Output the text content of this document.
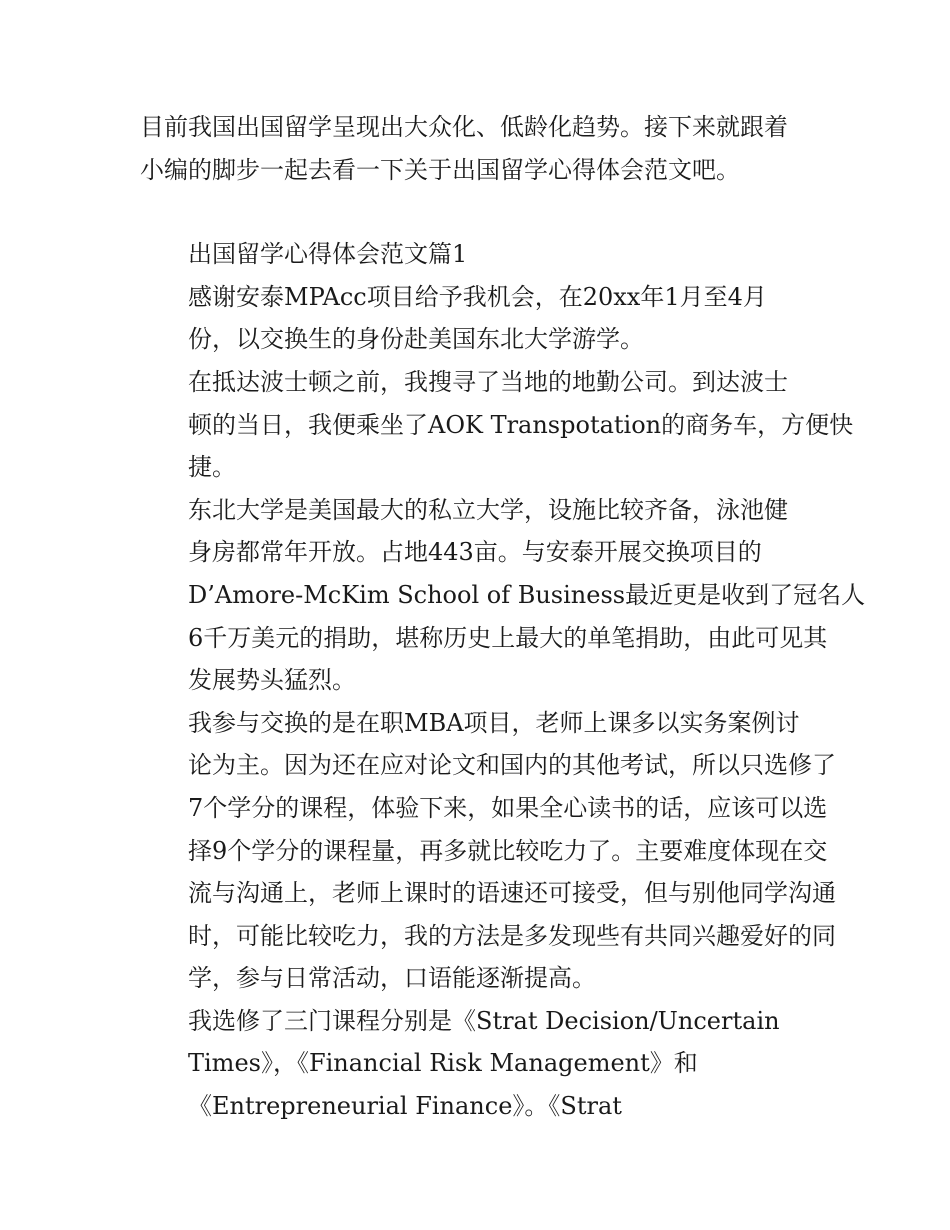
目前我国出国留学呈现出大众化、低龄化趋势。接下来就跟着
小编的脚步一起去看一下关于出国留学心得体会范文吧。

出国留学心得体会范文篇1

感谢安泰MPAcc项目给予我机会，在20xx年1月至4月
份，以交换生的身份赴美国东北大学游学。

在抵达波士顿之前，我搜寻了当地的地勤公司。到达波士
顿的当日，我便乘坐了AOK Transpotation的商务车，方便快
捷。

东北大学是美国最大的私立大学，设施比较齐备，泳池健
身房都常年开放。占地443亩。与安泰开展交换项目的
D’Amore-McKim School of Business最近更是收到了冠名人
6千万美元的捐助，堪称历史上最大的单笔捐助，由此可见其
发展势头猛烈。

我参与交换的是在职MBA项目，老师上课多以实务案例讨
论为主。因为还在应对论文和国内的其他考试，所以只选修了
7个学分的课程，体验下来，如果全心读书的话，应该可以选
择9个学分的课程量，再多就比较吃力了。主要难度体现在交
流与沟通上，老师上课时的语速还可接受，但与别他同学沟通
时，可能比较吃力，我的方法是多发现些有共同兴趣爱好的同
学，参与日常活动，口语能逐渐提高。

我选修了三门课程分别是《Strat Decision/Uncertain
Times》，《Financial Risk Management》和
《Entrepreneurial Finance》。《Strat
